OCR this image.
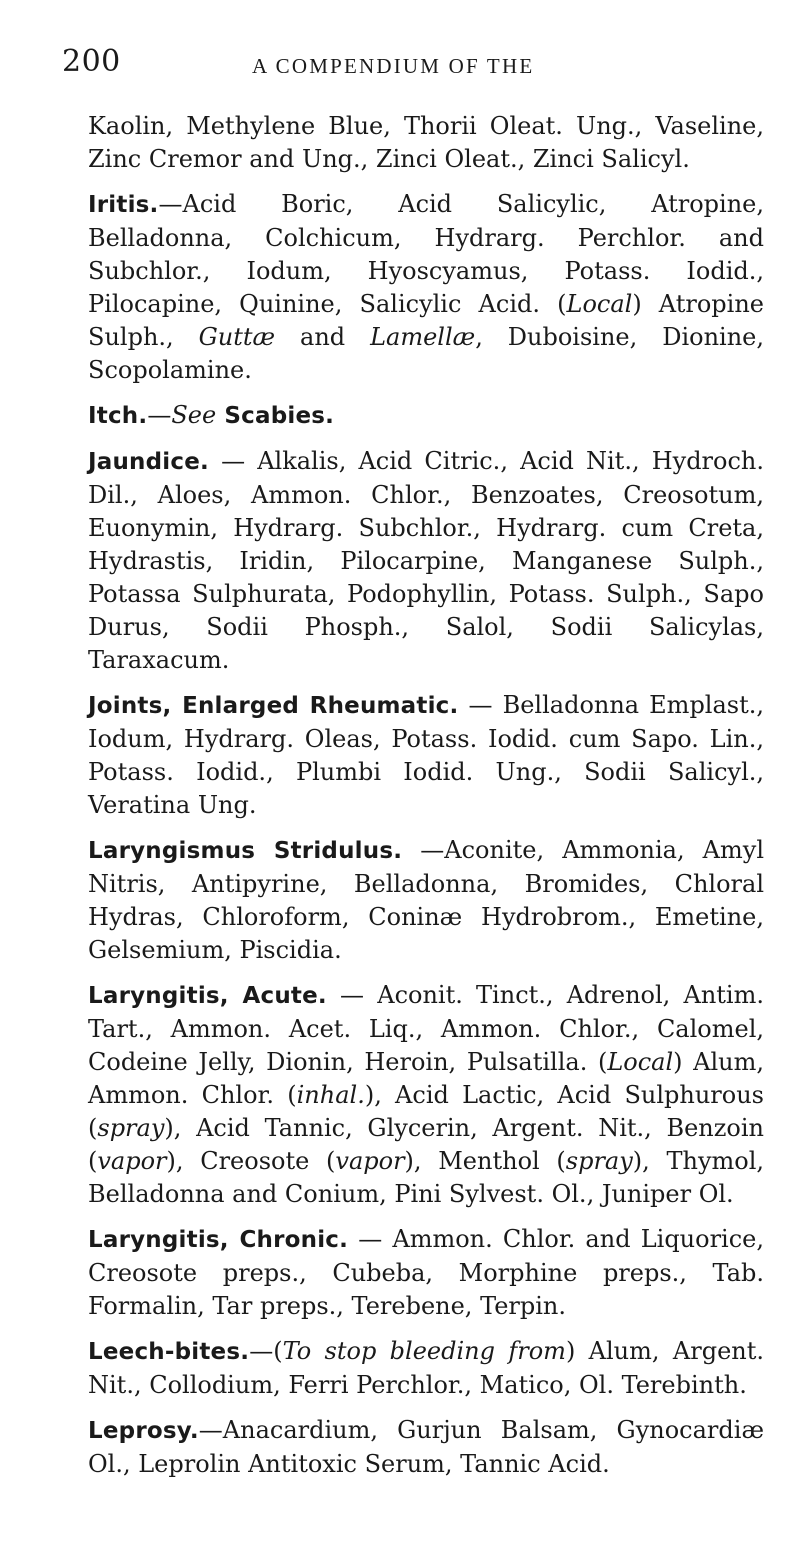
200	A COMPENDIUM OF THE

Kaolin, Methylene Blue, Thorii Oleat. Ung., Vaseline, Zinc Cremor and Ung., Zinci Oleat., Zinci Salicyl.

Iritis.—Acid Boric, Acid Salicylic, Atropine, Belladonna, Colchicum, Hydrarg. Perchlor. and Subchlor., Iodum, Hyoscyamus, Potass. Iodid., Pilocapine, Quinine, Salicylic Acid. (Local) Atropine Sulph., Guttæ and Lamellæ, Duboisine, Dionine, Scopolamine.

Itch.—See Scabies.

Jaundice. — Alkalis, Acid Citric., Acid Nit., Hydroch. Dil., Aloes, Ammon. Chlor., Benzoates, Creosotum, Euonymin, Hydrarg. Subchlor., Hydrarg. cum Creta, Hydrastis, Iridin, Pilocarpine, Manganese Sulph., Potassa Sulphurata, Podophyllin, Potass. Sulph., Sapo Durus, Sodii Phosph., Salol, Sodii Salicylas, Taraxacum.

Joints, Enlarged Rheumatic. — Belladonna Emplast., Iodum, Hydrarg. Oleas, Potass. Iodid. cum Sapo. Lin., Potass. Iodid., Plumbi Iodid. Ung., Sodii Salicyl., Veratina Ung.

Laryngismus Stridulus. —Aconite, Ammonia, Amyl Nitris, Antipyrine, Belladonna, Bromides, Chloral Hydras, Chloroform, Coninæ Hydrobrom., Emetine, Gelsemium, Piscidia.

Laryngitis, Acute. — Aconit. Tinct., Adrenol, Antim. Tart., Ammon. Acet. Liq., Ammon. Chlor., Calomel, Codeine Jelly, Dionin, Heroin, Pulsatilla. (Local) Alum, Ammon. Chlor. (inhal.), Acid Lactic, Acid Sulphurous (spray), Acid Tannic, Glycerin, Argent. Nit., Benzoin (vapor), Creosote (vapor), Menthol (spray), Thymol, Belladonna and Conium, Pini Sylvest. Ol., Juniper Ol.

Laryngitis, Chronic. — Ammon. Chlor. and Liquorice, Creosote preps., Cubeba, Morphine preps., Tab. Formalin, Tar preps., Terebene, Terpin.

Leech-bites.—(To stop bleeding from) Alum, Argent. Nit., Collodium, Ferri Perchlor., Matico, Ol. Terebinth.

Leprosy.—Anacardium, Gurjun Balsam, Gynocardiæ Ol., Leprolin Antitoxic Serum, Tannic Acid.
